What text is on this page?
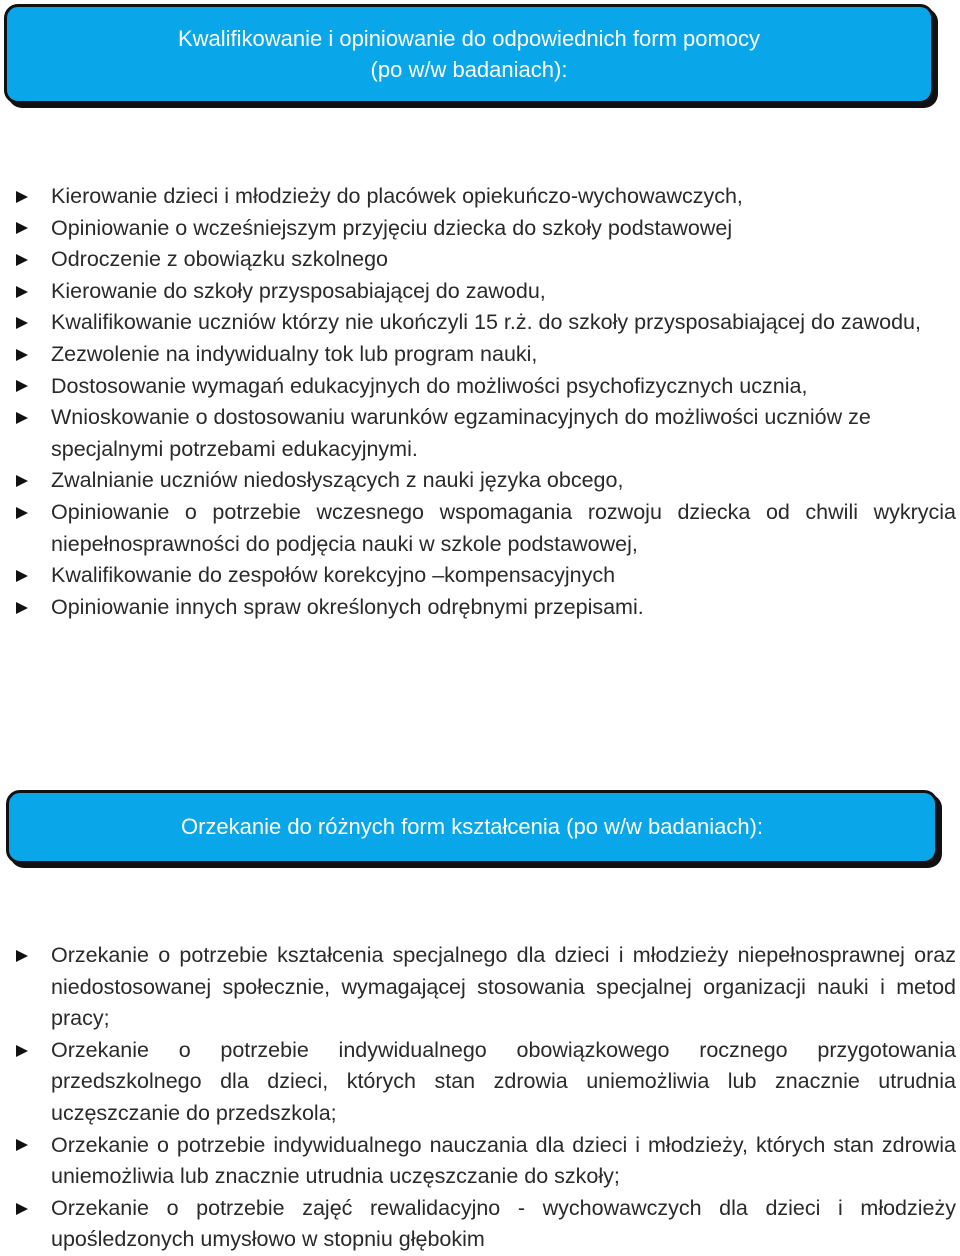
Kwalifikowanie i opiniowanie do odpowiednich form pomocy
(po w/w badaniach):
Kierowanie dzieci i młodzieży do placówek opiekuńczo-wychowawczych,
Opiniowanie o wcześniejszym przyjęciu dziecka do szkoły podstawowej
Odroczenie z obowiązku szkolnego
Kierowanie do szkoły przysposabiającej do zawodu,
Kwalifikowanie uczniów którzy nie ukończyli 15 r.ż. do szkoły przysposabiającej do zawodu,
Zezwolenie na indywidualny tok lub program nauki,
Dostosowanie wymagań edukacyjnych do możliwości psychofizycznych ucznia,
Wnioskowanie o dostosowaniu warunków egzaminacyjnych do możliwości uczniów ze specjalnymi potrzebami edukacyjnymi.
Zwalnianie uczniów niedosłyszących z nauki języka obcego,
Opiniowanie o potrzebie wczesnego wspomagania rozwoju dziecka od chwili wykrycia niepełnosprawności do podjęcia nauki w szkole podstawowej,
Kwalifikowanie do zespołów korekcyjno –kompensacyjnych
Opiniowanie innych spraw określonych odrębnymi przepisami.
Orzekanie do różnych form kształcenia (po w/w badaniach):
Orzekanie o potrzebie kształcenia specjalnego dla dzieci i młodzieży niepełnosprawnej oraz niedostosowanej społecznie, wymagającej stosowania specjalnej organizacji nauki i metod pracy;
Orzekanie o potrzebie indywidualnego obowiązkowego rocznego przygotowania przedszkolnego dla dzieci, których stan zdrowia uniemożliwia lub znacznie utrudnia uczęszczanie do przedszkola;
Orzekanie o potrzebie indywidualnego nauczania dla dzieci i młodzieży, których stan zdrowia uniemożliwia lub znacznie utrudnia uczęszczanie do szkoły;
Orzekanie o potrzebie zajęć rewalidacyjno - wychowawczych dla dzieci i młodzieży upośledzonych umysłowo w stopniu głębokim
